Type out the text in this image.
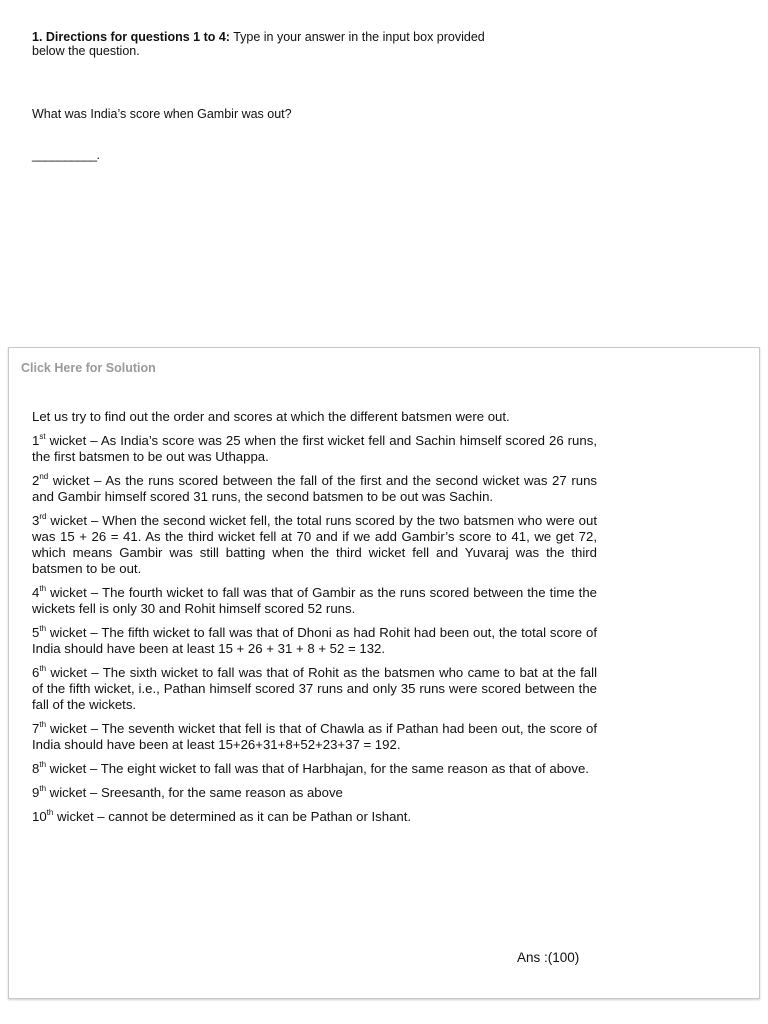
1. Directions for questions 1 to 4: Type in your answer in the input box provided below the question.
What was India’s score when Gambir was out?
__________.
Click Here for Solution

Let us try to find out the order and scores at which the different batsmen were out.

1st wicket – As India’s score was 25 when the first wicket fell and Sachin himself scored 26 runs, the first batsmen to be out was Uthappa.

2nd wicket – As the runs scored between the fall of the first and the second wicket was 27 runs and Gambir himself scored 31 runs, the second batsmen to be out was Sachin.

3rd wicket – When the second wicket fell, the total runs scored by the two batsmen who were out was 15 + 26 = 41. As the third wicket fell at 70 and if we add Gambir’s score to 41, we get 72, which means Gambir was still batting when the third wicket fell and Yuvaraj was the third batsmen to be out.

4th wicket – The fourth wicket to fall was that of Gambir as the runs scored between the time the wickets fell is only 30 and Rohit himself scored 52 runs.

5th wicket – The fifth wicket to fall was that of Dhoni as had Rohit had been out, the total score of India should have been at least 15 + 26 + 31 + 8 + 52 = 132.

6th wicket – The sixth wicket to fall was that of Rohit as the batsmen who came to bat at the fall of the fifth wicket, i.e., Pathan himself scored 37 runs and only 35 runs were scored between the fall of the wickets.

7th wicket – The seventh wicket that fell is that of Chawla as if Pathan had been out, the score of India should have been at least 15+26+31+8+52+23+37 = 192.

8th wicket – The eight wicket to fall was that of Harbhajan, for the same reason as that of above.

9th wicket – Sreesanth, for the same reason as above

10th wicket – cannot be determined as it can be Pathan or Ishant.

Ans :(100)
